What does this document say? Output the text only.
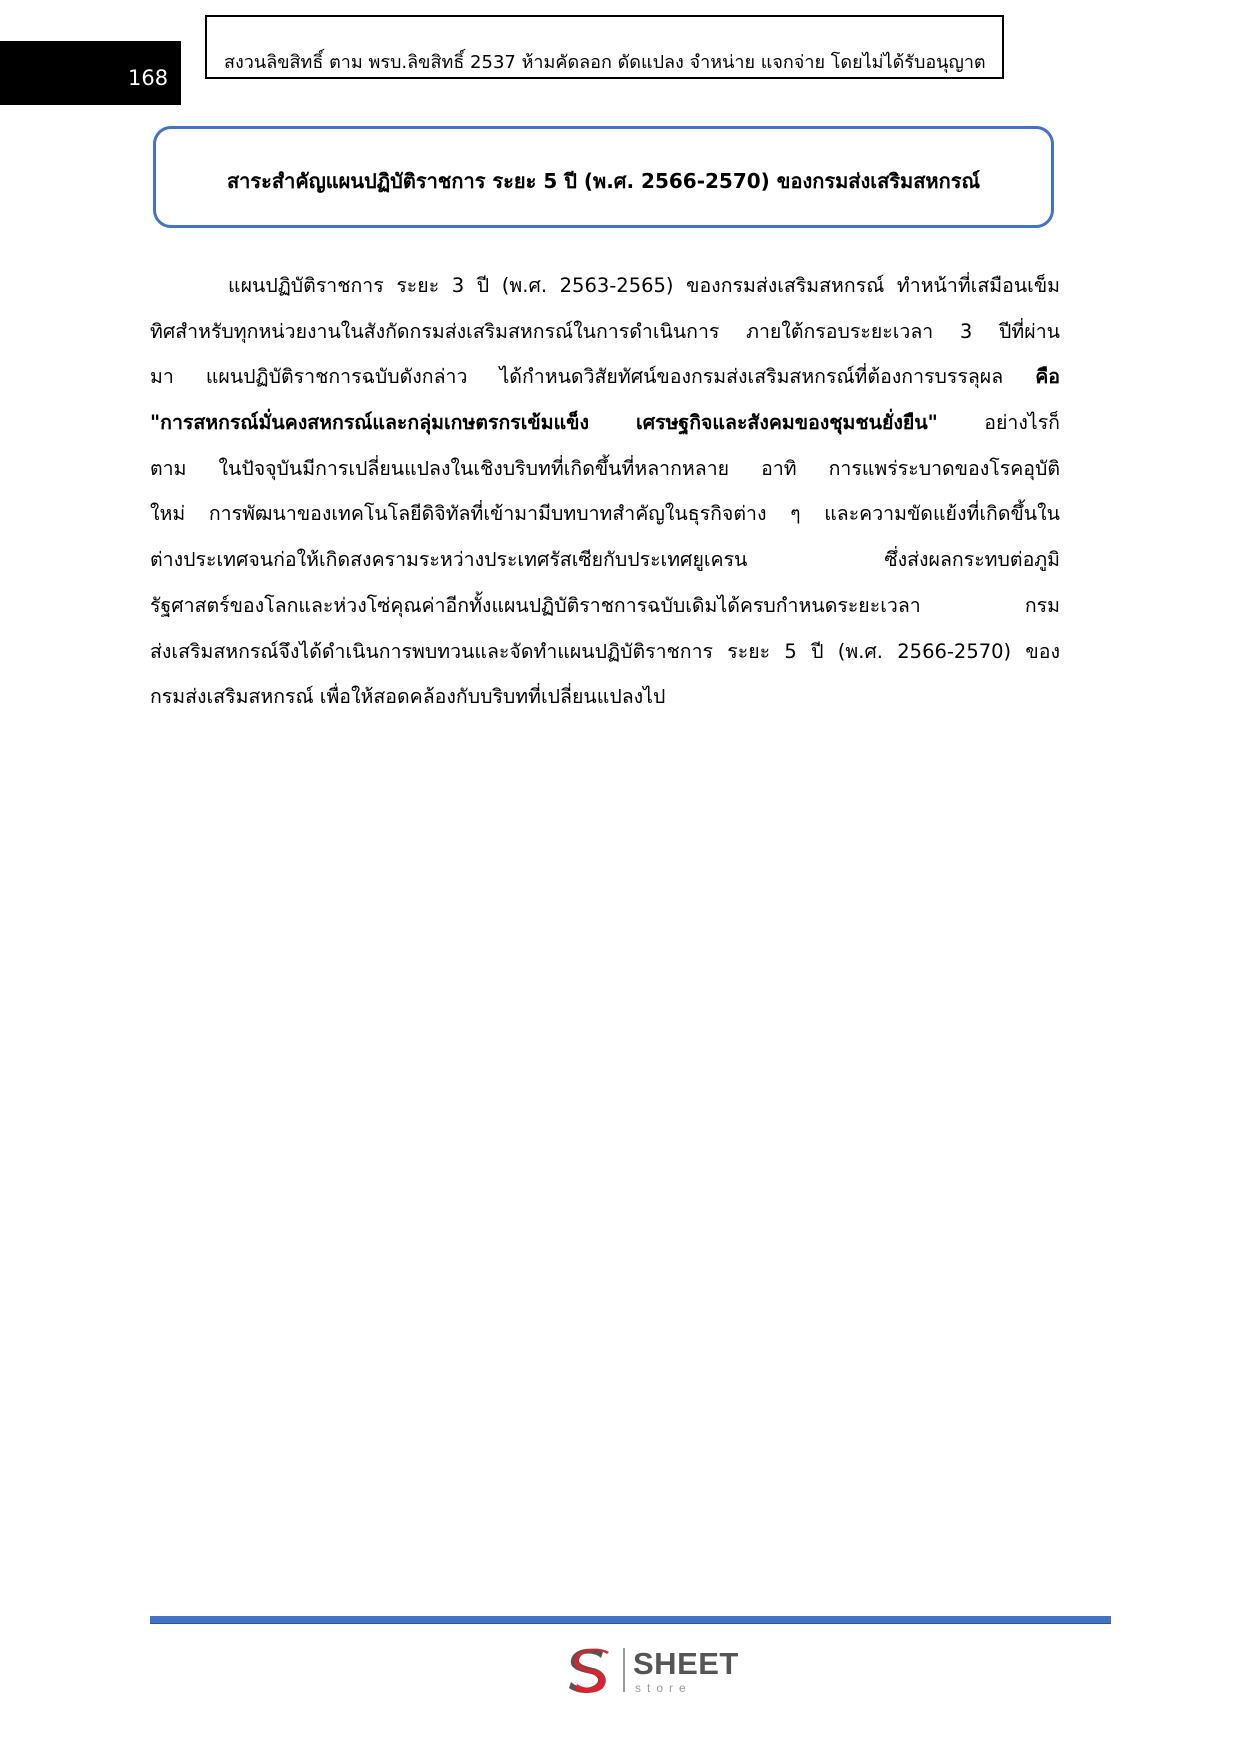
168
สงวนลิขสิทธิ์ ตาม พรบ.ลิขสิทธิ์ 2537 ห้ามคัดลอก ดัดแปลง จำหน่าย แจกจ่าย โดยไม่ได้รับอนุญาต
สาระสำคัญแผนปฏิบัติราชการ ระยะ 5 ปี (พ.ศ. 2566-2570) ของกรมส่งเสริมสหกรณ์
แผนปฏิบัติราชการ ระยะ 3 ปี (พ.ศ. 2563-2565) ของกรมส่งเสริมสหกรณ์ ทำหน้าที่เสมือนเข็ม
ทิศสำหรับทุกหน่วยงานในสังกัดกรมส่งเสริมสหกรณ์ในการดำเนินการ ภายใต้กรอบระยะเวลา 3 ปีที่ผ่าน
มา แผนปฏิบัติราชการฉบับดังกล่าว ได้กำหนดวิสัยทัศน์ของกรมส่งเสริมสหกรณ์ที่ต้องการบรรลุผล คือ
"การสหกรณ์มั่นคงสหกรณ์และกลุ่มเกษตรกรเข้มแข็ง เศรษฐกิจและสังคมของชุมชนยั่งยืน" อย่างไรก็
ตาม ในปัจจุบันมีการเปลี่ยนแปลงในเชิงบริบทที่เกิดขึ้นที่หลากหลาย อาทิ การแพร่ระบาดของโรคอุบัติ
ใหม่ การพัฒนาของเทคโนโลยีดิจิทัลที่เข้ามามีบทบาทสำคัญในธุรกิจต่าง ๆ และความขัดแย้งที่เกิดขึ้นใน
ต่างประเทศจนก่อให้เกิดสงครามระหว่างประเทศรัสเซียกับประเทศยูเครน ซึ่งส่งผลกระทบต่อภูมิ
รัฐศาสตร์ของโลกและห่วงโซ่คุณค่าอีกทั้งแผนปฏิบัติราชการฉบับเดิมได้ครบกำหนดระยะเวลา กรม
ส่งเสริมสหกรณ์จึงได้ดำเนินการพบทวนและจัดทำแผนปฏิบัติราชการ ระยะ 5 ปี (พ.ศ. 2566-2570) ของ
กรมส่งเสริมสหกรณ์ เพื่อให้สอดคล้องกับบริบทที่เปลี่ยนแปลงไป
SHEET
store
